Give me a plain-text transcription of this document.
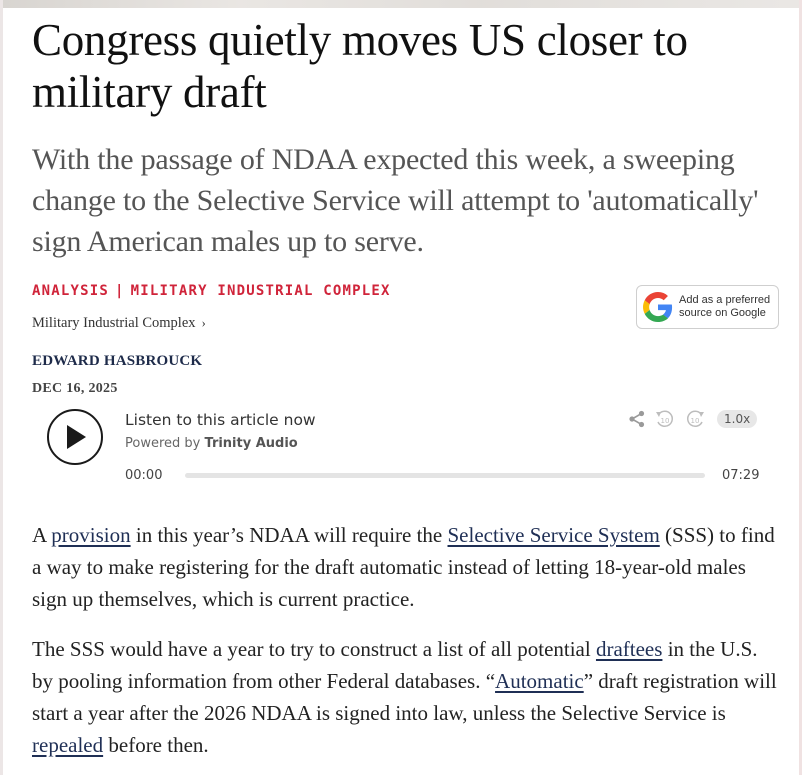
Congress quietly moves US closer to military draft

With the passage of NDAA expected this week, a sweeping change to the Selective Service will attempt to 'automatically' sign American males up to serve.

ANALYSIS | MILITARY INDUSTRIAL COMPLEX
Military Industrial Complex ›
Add as a preferred
source on Google
EDWARD HASBROUCK
DEC 16, 2025
Listen to this article now
Powered by Trinity Audio
10	10	1.0x
00:00	07:29

A provision in this year’s NDAA will require the Selective Service System (SSS) to find a way to make registering for the draft automatic instead of letting 18-year-old males sign up themselves, which is current practice.

The SSS would have a year to try to construct a list of all potential draftees in the U.S. by pooling information from other Federal databases. “Automatic” draft registration will start a year after the 2026 NDAA is signed into law, unless the Selective Service is repealed before then.
